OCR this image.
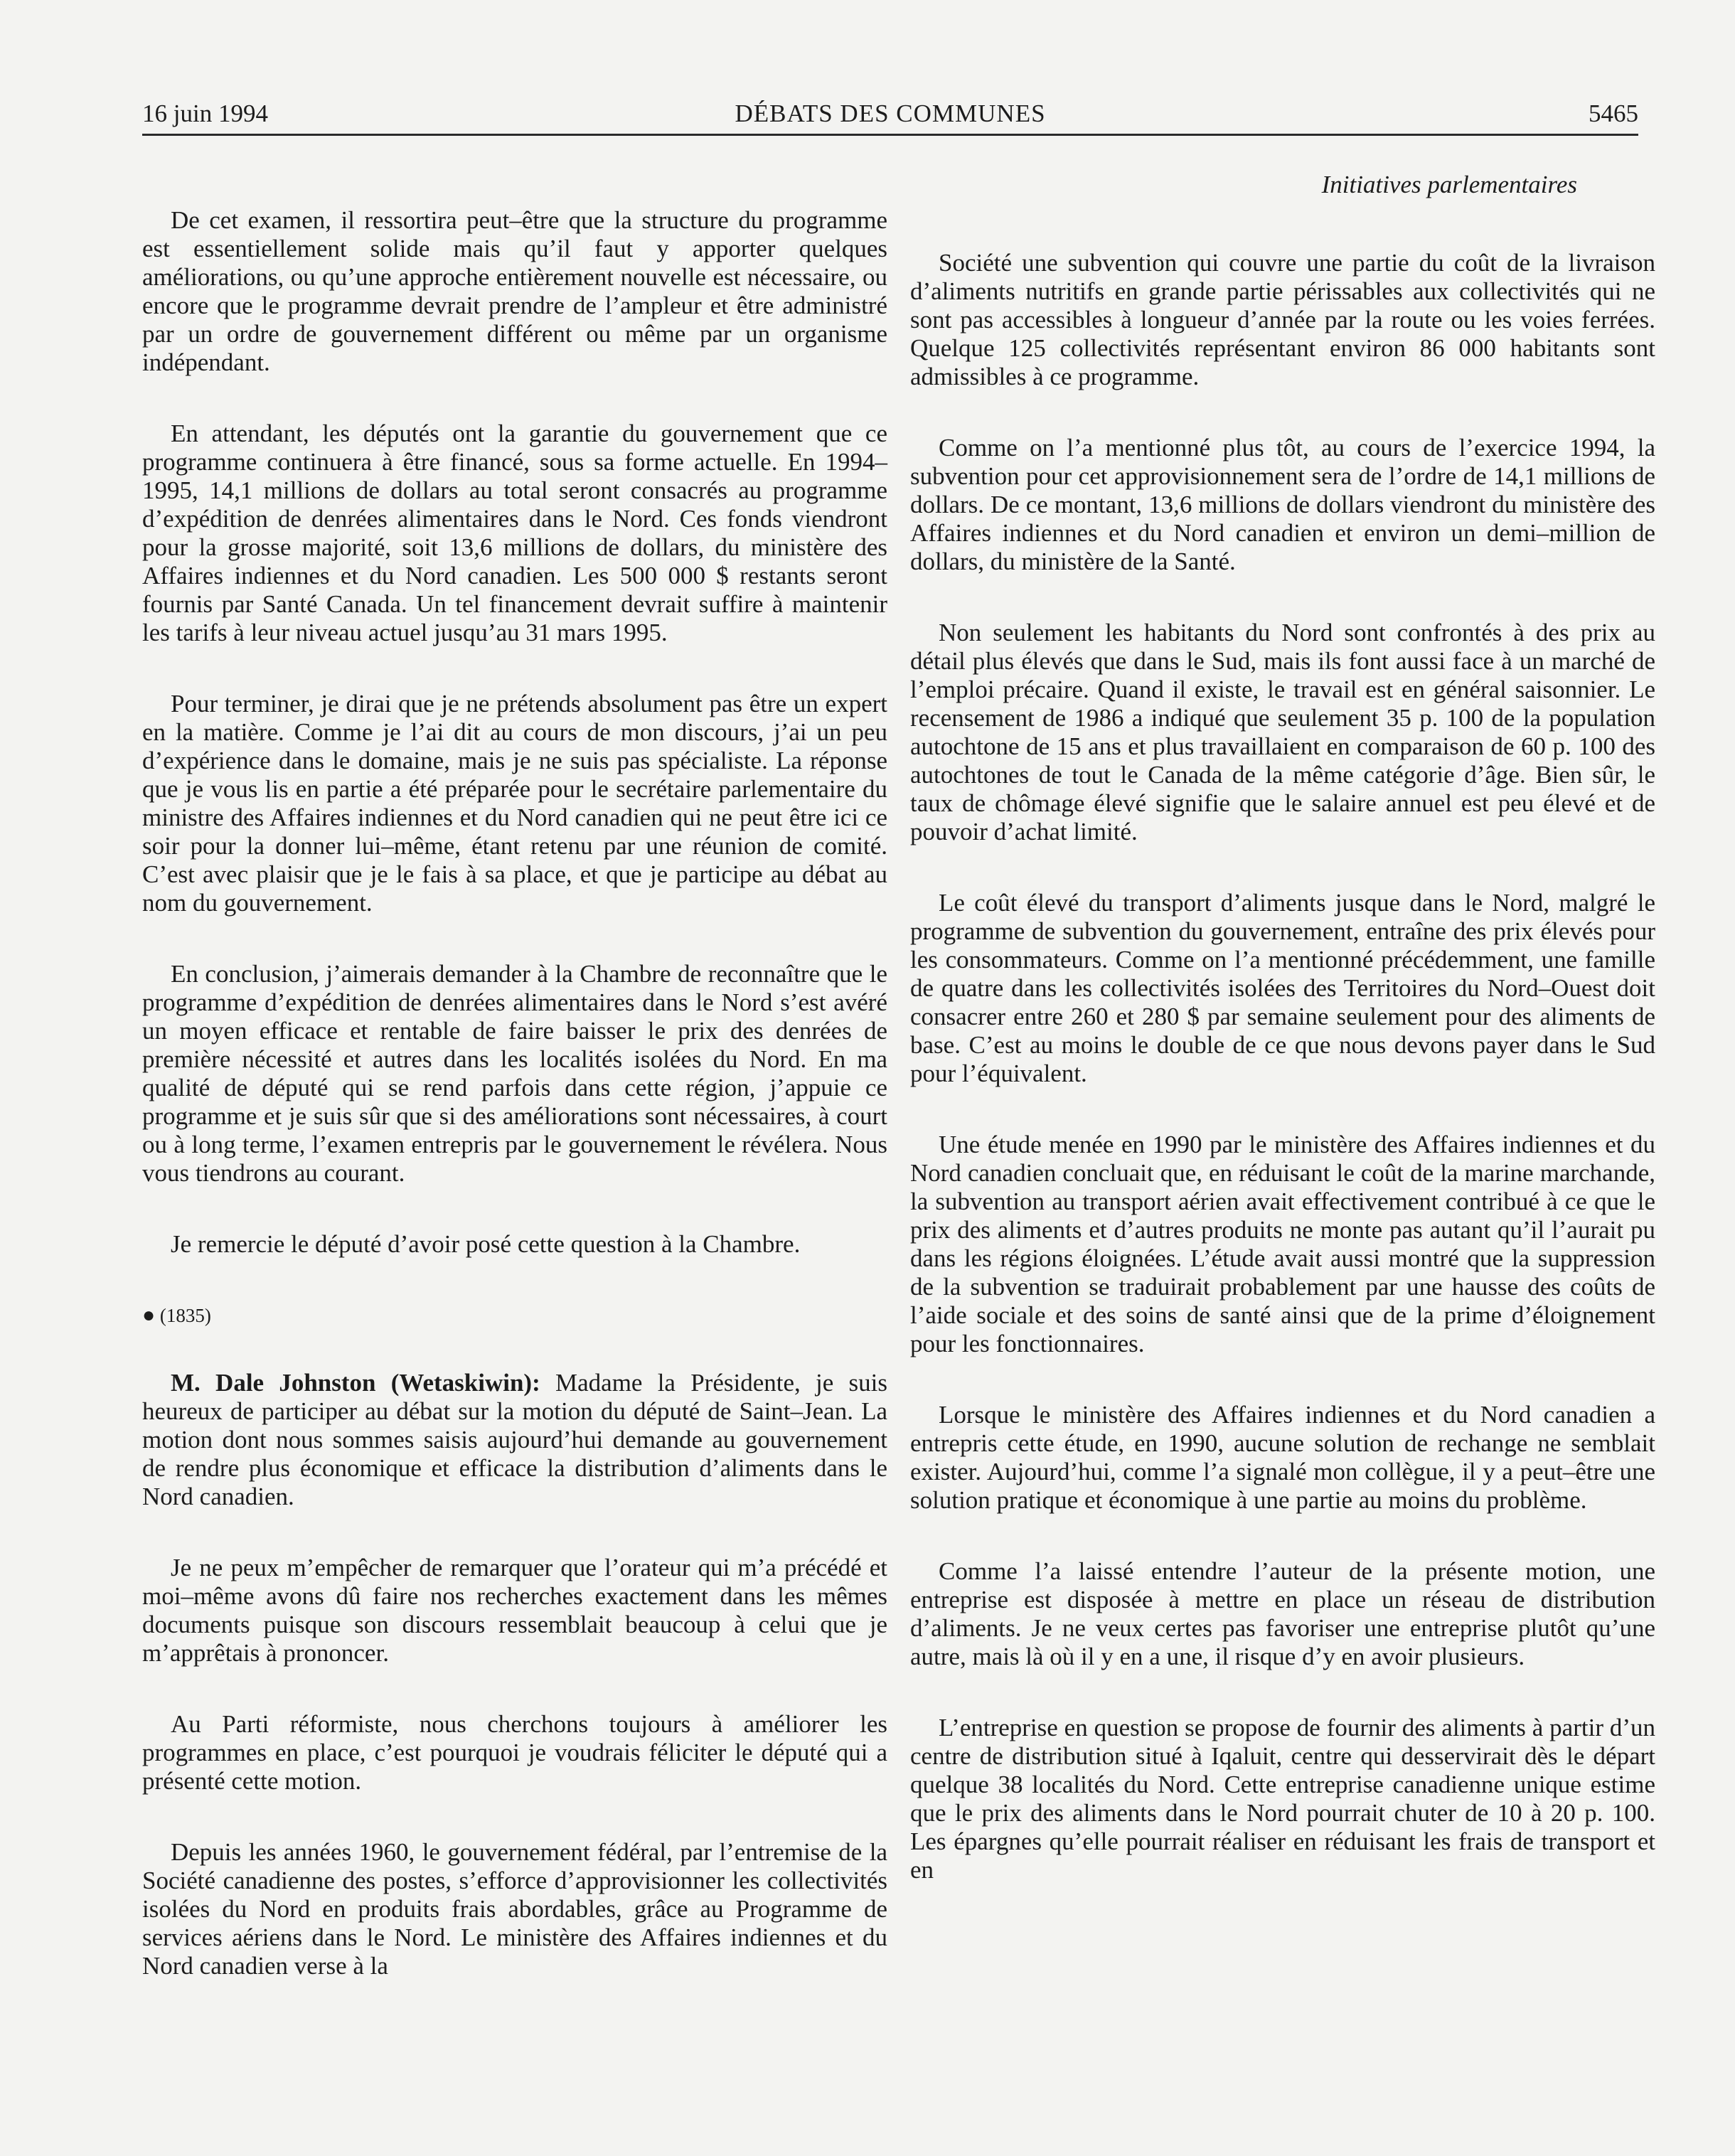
16 juin 1994	DÉBATS DES COMMUNES	5465

De cet examen, il ressortira peut–être que la structure du programme est essentiellement solide mais qu’il faut y apporter quelques améliorations, ou qu’une approche entièrement nouvelle est nécessaire, ou encore que le programme devrait prendre de l’ampleur et être administré par un ordre de gouvernement différent ou même par un organisme indépendant.

En attendant, les députés ont la garantie du gouvernement que ce programme continuera à être financé, sous sa forme actuelle. En 1994–1995, 14,1 millions de dollars au total seront consacrés au programme d’expédition de denrées alimentaires dans le Nord. Ces fonds viendront pour la grosse majorité, soit 13,6 millions de dollars, du ministère des Affaires indiennes et du Nord canadien. Les 500 000 $ restants seront fournis par Santé Canada. Un tel financement devrait suffire à maintenir les tarifs à leur niveau actuel jusqu’au 31 mars 1995.

Pour terminer, je dirai que je ne prétends absolument pas être un expert en la matière. Comme je l’ai dit au cours de mon discours, j’ai un peu d’expérience dans le domaine, mais je ne suis pas spécialiste. La réponse que je vous lis en partie a été préparée pour le secrétaire parlementaire du ministre des Affaires indiennes et du Nord canadien qui ne peut être ici ce soir pour la donner lui–même, étant retenu par une réunion de comité. C’est avec plaisir que je le fais à sa place, et que je participe au débat au nom du gouvernement.

En conclusion, j’aimerais demander à la Chambre de reconnaître que le programme d’expédition de denrées alimentaires dans le Nord s’est avéré un moyen efficace et rentable de faire baisser le prix des denrées de première nécessité et autres dans les localités isolées du Nord. En ma qualité de député qui se rend parfois dans cette région, j’appuie ce programme et je suis sûr que si des améliorations sont nécessaires, à court ou à long terme, l’examen entrepris par le gouvernement le révélera. Nous vous tiendrons au courant.

Je remercie le député d’avoir posé cette question à la Chambre.

● (1835)

M. Dale Johnston (Wetaskiwin): Madame la Présidente, je suis heureux de participer au débat sur la motion du député de Saint–Jean. La motion dont nous sommes saisis aujourd’hui demande au gouvernement de rendre plus économique et efficace la distribution d’aliments dans le Nord canadien.

Je ne peux m’empêcher de remarquer que l’orateur qui m’a précédé et moi–même avons dû faire nos recherches exactement dans les mêmes documents puisque son discours ressemblait beaucoup à celui que je m’apprêtais à prononcer.

Au Parti réformiste, nous cherchons toujours à améliorer les programmes en place, c’est pourquoi je voudrais féliciter le député qui a présenté cette motion.

Depuis les années 1960, le gouvernement fédéral, par l’entremise de la Société canadienne des postes, s’efforce d’approvisionner les collectivités isolées du Nord en produits frais abordables, grâce au Programme de services aériens dans le Nord. Le ministère des Affaires indiennes et du Nord canadien verse à la

Initiatives parlementaires

Société une subvention qui couvre une partie du coût de la livraison d’aliments nutritifs en grande partie périssables aux collectivités qui ne sont pas accessibles à longueur d’année par la route ou les voies ferrées. Quelque 125 collectivités représentant environ 86 000 habitants sont admissibles à ce programme.

Comme on l’a mentionné plus tôt, au cours de l’exercice 1994, la subvention pour cet approvisionnement sera de l’ordre de 14,1 millions de dollars. De ce montant, 13,6 millions de dollars viendront du ministère des Affaires indiennes et du Nord canadien et environ un demi–million de dollars, du ministère de la Santé.

Non seulement les habitants du Nord sont confrontés à des prix au détail plus élevés que dans le Sud, mais ils font aussi face à un marché de l’emploi précaire. Quand il existe, le travail est en général saisonnier. Le recensement de 1986 a indiqué que seulement 35 p. 100 de la population autochtone de 15 ans et plus travaillaient en comparaison de 60 p. 100 des autochtones de tout le Canada de la même catégorie d’âge. Bien sûr, le taux de chômage élevé signifie que le salaire annuel est peu élevé et de pouvoir d’achat limité.

Le coût élevé du transport d’aliments jusque dans le Nord, malgré le programme de subvention du gouvernement, entraîne des prix élevés pour les consommateurs. Comme on l’a mentionné précédemment, une famille de quatre dans les collectivités isolées des Territoires du Nord–Ouest doit consacrer entre 260 et 280 $ par semaine seulement pour des aliments de base. C’est au moins le double de ce que nous devons payer dans le Sud pour l’équivalent.

Une étude menée en 1990 par le ministère des Affaires indiennes et du Nord canadien concluait que, en réduisant le coût de la marine marchande, la subvention au transport aérien avait effectivement contribué à ce que le prix des aliments et d’autres produits ne monte pas autant qu’il l’aurait pu dans les régions éloignées. L’étude avait aussi montré que la suppression de la subvention se traduirait probablement par une hausse des coûts de l’aide sociale et des soins de santé ainsi que de la prime d’éloignement pour les fonctionnaires.

Lorsque le ministère des Affaires indiennes et du Nord canadien a entrepris cette étude, en 1990, aucune solution de rechange ne semblait exister. Aujourd’hui, comme l’a signalé mon collègue, il y a peut–être une solution pratique et économique à une partie au moins du problème.

Comme l’a laissé entendre l’auteur de la présente motion, une entreprise est disposée à mettre en place un réseau de distribution d’aliments. Je ne veux certes pas favoriser une entreprise plutôt qu’une autre, mais là où il y en a une, il risque d’y en avoir plusieurs.

L’entreprise en question se propose de fournir des aliments à partir d’un centre de distribution situé à Iqaluit, centre qui desservirait dès le départ quelque 38 localités du Nord. Cette entreprise canadienne unique estime que le prix des aliments dans le Nord pourrait chuter de 10 à 20 p. 100. Les épargnes qu’elle pourrait réaliser en réduisant les frais de transport et en
